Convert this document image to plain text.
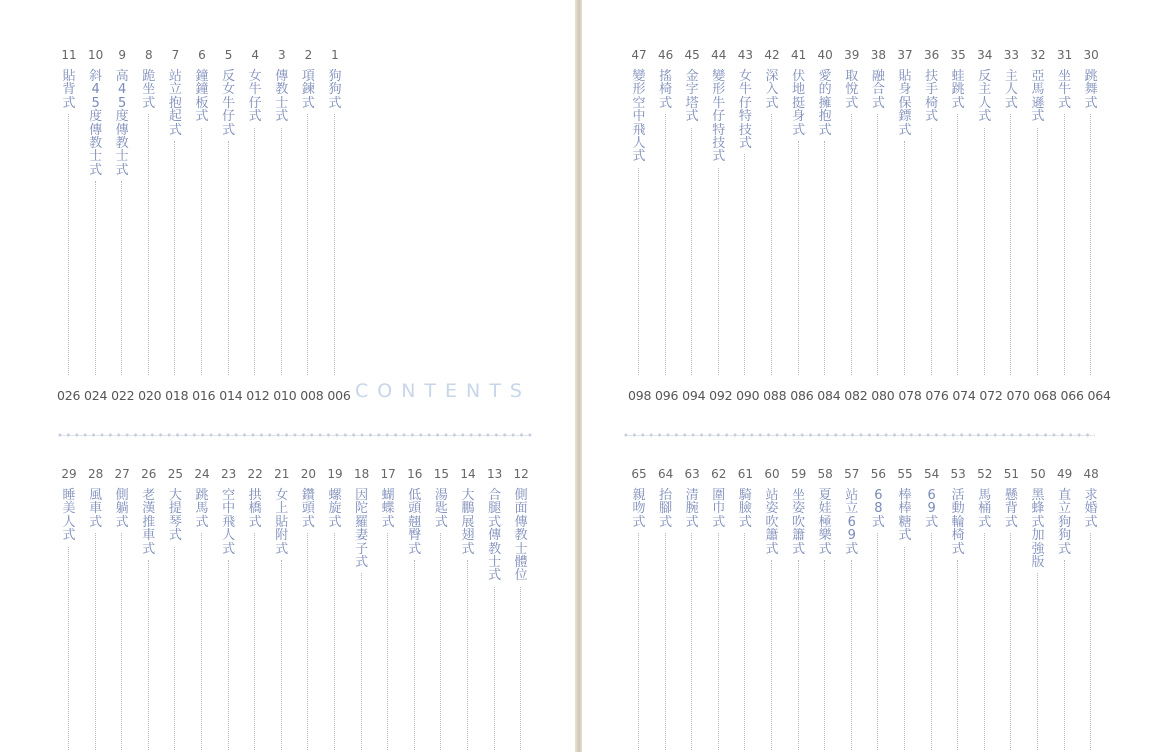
11
貼背式
10
斜45度傳教士式
9
高45度傳教士式
8
跪坐式
7
站立抱起式
6
鐘鐘板式
5
反女牛仔式
4
女牛仔式
3
傳教士式
2
項鍊式
1
狗狗式
026 024 022 020 018 016 014 012 010 008 006 CONTENTS
29
睡美人式
28
風車式
27
側躺式
26
老漢推車式
25
大提琴式
24
跳馬式
23
空中飛人式
22
拱橋式
21
女上貼附式
20
鑽頭式
19
螺旋式
18
因陀羅妻子式
17
蝴蝶式
16
低頭翹臀式
15
湯匙式
14
大鵬展翅式
13
合腿式傳教士式
12
側面傳教士體位
47
變形空中飛人式
46
搖椅式
45
金字塔式
44
變形牛仔特技式
43
女牛仔特技式
42
深入式
41
伏地挺身式
40
愛的擁抱式
39
取悅式
38
融合式
37
貼身保鏢式
36
扶手椅式
35
蛙跳式
34
反主人式
33
主人式
32
亞馬遜式
31
坐牛式
30
跳舞式
098 096 094 092 090 088 086 084 082 080 078 076 074 072 070 068 066 064
65
親吻式
64
抬腳式
63
清腕式
62
圍巾式
61
騎臉式
60
站姿吹簫式
59
坐姿吹簫式
58
夏娃極樂式
57
站立69式
56
68式
55
棒棒糖式
54
69式
53
活動輪椅式
52
馬桶式
51
懸背式
50
黑蜂式加強版
49
直立狗狗式
48
求婚式
